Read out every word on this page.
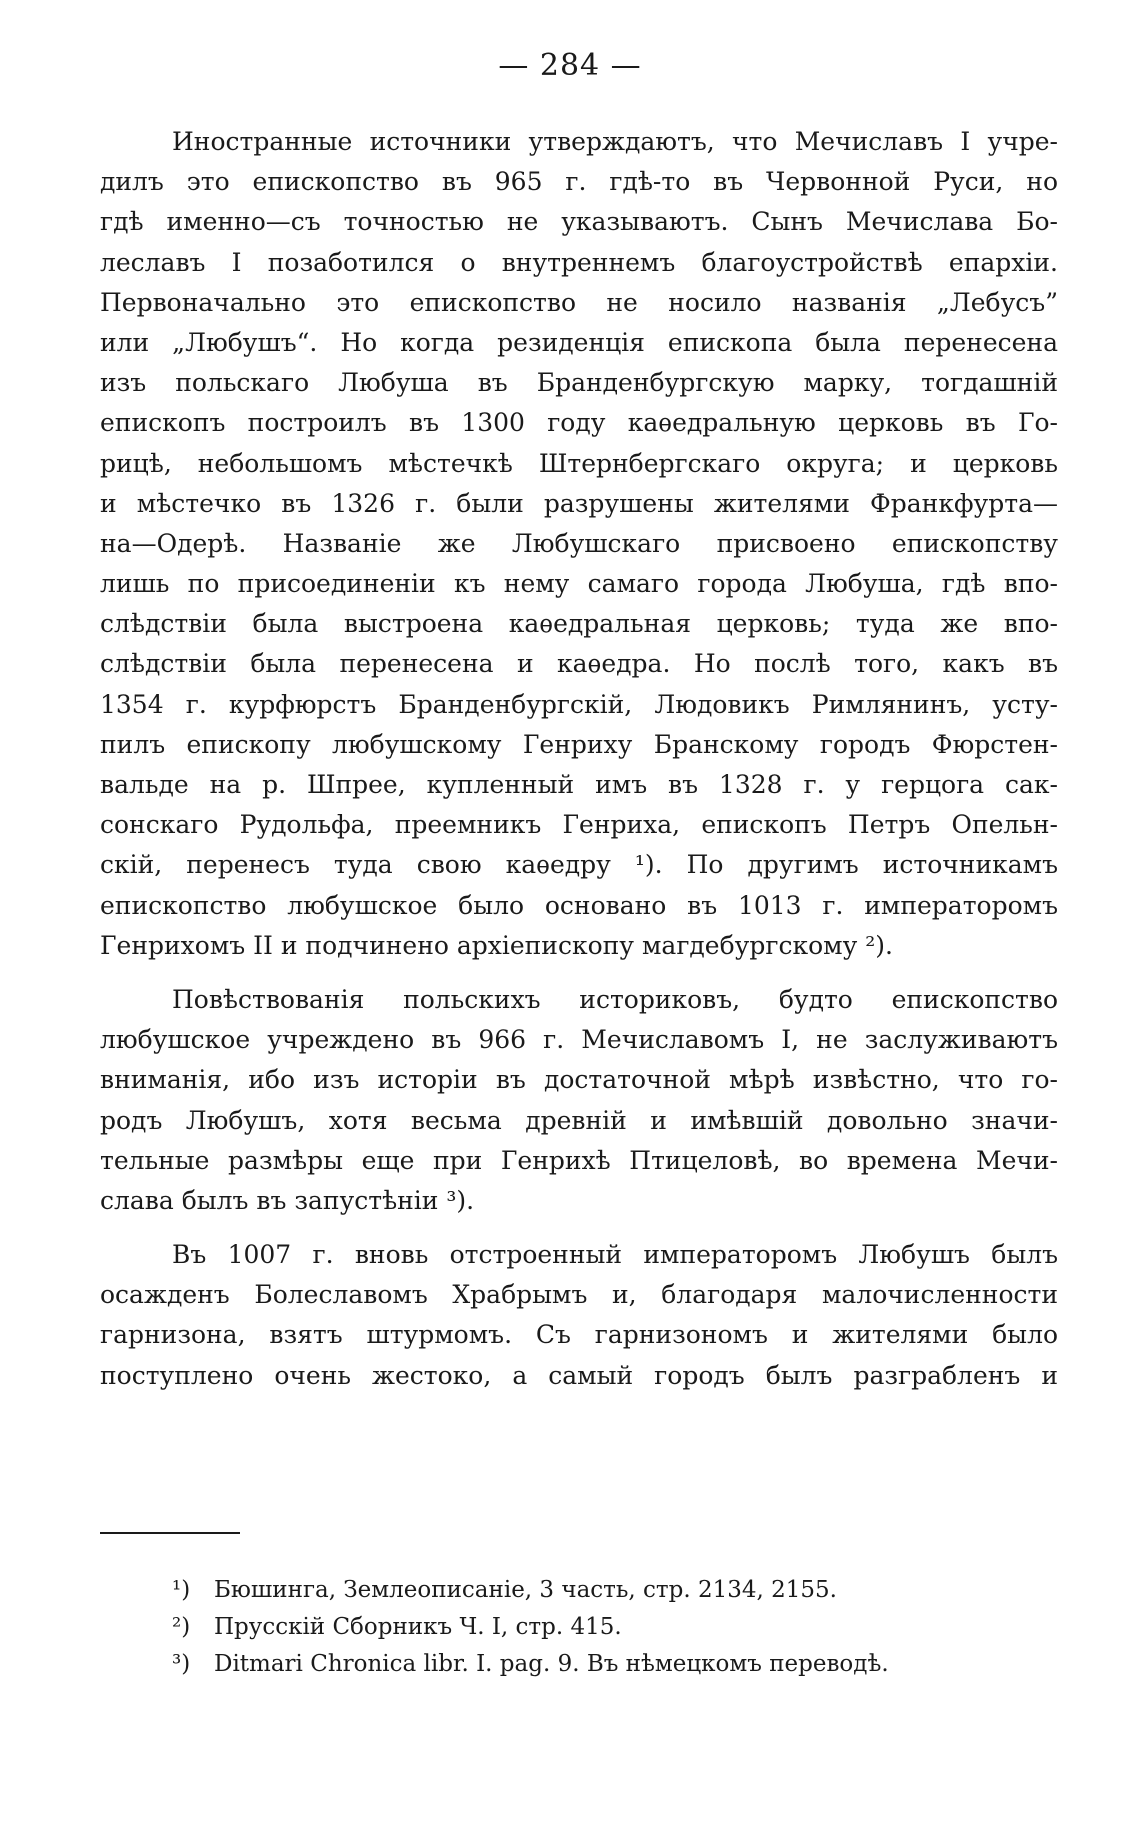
— 284 —
Иностранные источники утверждаютъ, что Мечиславъ I учре-
дилъ это епископство въ 965 г. гдѣ-то въ Червонной Руси, но
гдѣ именно—съ точностью не указываютъ. Сынъ Мечислава Бо-
леславъ I позаботился о внутреннемъ благоустройствѣ епархіи.
Первоначально это епископство не носило названія „Лебусъ”
или „Любушъ“. Но когда резиденція епископа была перенесена
изъ польскаго Любуша въ Бранденбургскую марку, тогдашній
епископъ построилъ въ 1300 году каѳедральную церковь въ Го-
рицѣ, небольшомъ мѣстечкѣ Штернбергскаго округа; и церковь
и мѣстечко въ 1326 г. были разрушены жителями Франкфурта—
на—Одерѣ. Названіе же Любушскаго присвоено епископству
лишь по присоединеніи къ нему самаго города Любуша, гдѣ впо-
слѣдствіи была выстроена каѳедральная церковь; туда же впо-
слѣдствіи была перенесена и каѳедра. Но послѣ того, какъ въ
1354 г. курфюрстъ Бранденбургскій, Людовикъ Римлянинъ, усту-
пилъ епископу любушскому Генриху Бранскому городъ Фюрстен-
вальде на р. Шпрее, купленный имъ въ 1328 г. у герцога сак-
сонскаго Рудольфа, преемникъ Генриха, епископъ Петръ Опельн-
скій, перенесъ туда свою каѳедру ¹). По другимъ источникамъ
епископство любушское было основано въ 1013 г. императоромъ
Генрихомъ II и подчинено архіепископу магдебургскому ²).
Повѣствованія польскихъ историковъ, будто епископство
любушское учреждено въ 966 г. Мечиславомъ I, не заслуживаютъ
вниманія, ибо изъ исторіи въ достаточной мѣрѣ извѣстно, что го-
родъ Любушъ, хотя весьма древній и имѣвшій довольно значи-
тельные размѣры еще при Генрихѣ Птицеловѣ, во времена Мечи-
слава былъ въ запустѣніи ³).
Въ 1007 г. вновь отстроенный императоромъ Любушъ былъ
осажденъ Болеславомъ Храбрымъ и, благодаря малочисленности
гарнизона, взятъ штурмомъ. Съ гарнизономъ и жителями было
поступлено очень жестоко, а самый городъ былъ разграбленъ и
¹) Бюшинга, Землеописаніе, 3 часть, стр. 2134, 2155.
²) Прусскій Сборникъ Ч. I, стр. 415.
³) Ditmari Chronica libr. I. pag. 9. Въ нѣмецкомъ переводѣ.
